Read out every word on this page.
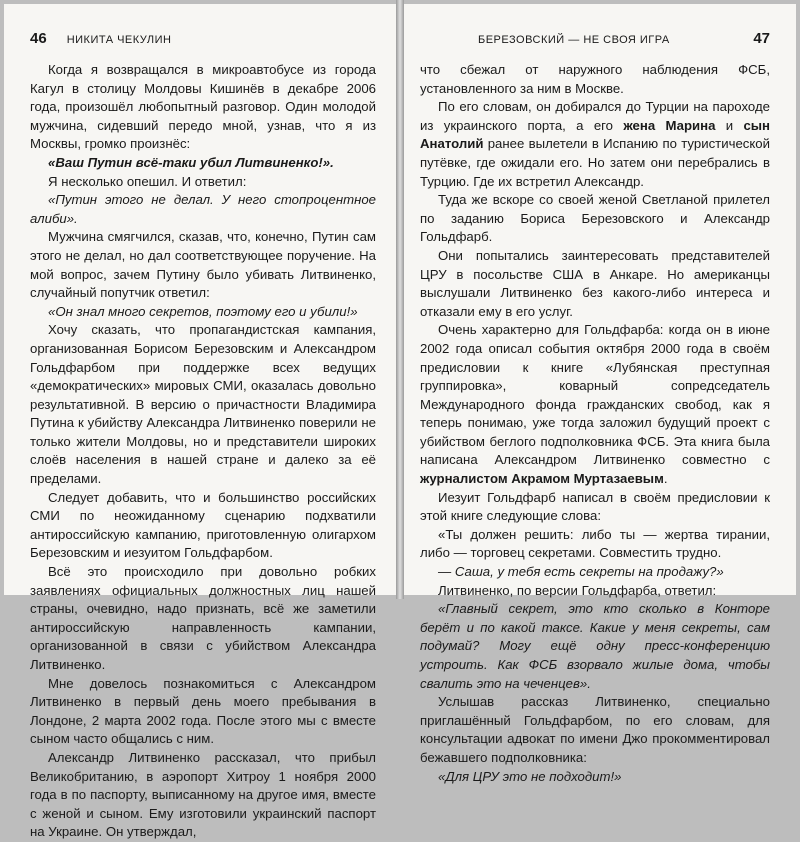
46 НИКИТА ЧЕКУЛИН

Когда я возвращался в микроавтобусе из города Кагул в столицу Молдовы Кишинёв в декабре 2006 года, произошёл любопытный разговор. Один молодой мужчина, сидевший передо мной, узнав, что я из Москвы, громко произнёс:

«Ваш Путин всё-таки убил Литвиненко!».

Я несколько опешил. И ответил:

«Путин этого не делал. У него стопроцентное алиби».

Мужчина смягчился, сказав, что, конечно, Путин сам этого не делал, но дал соответствующее поручение. На мой вопрос, зачем Путину было убивать Литвиненко, случайный попутчик ответил:

«Он знал много секретов, поэтому его и убили!»

Хочу сказать, что пропагандистская кампания, организованная Борисом Березовским и Александром Гольдфарбом при поддержке всех ведущих «демократических» мировых СМИ, оказалась довольно результативной. В версию о причастности Владимира Путина к убийству Александра Литвиненко поверили не только жители Молдовы, но и представители широких слоёв населения в нашей стране и далеко за её пределами.

Следует добавить, что и большинство российских СМИ по неожиданному сценарию подхватили антироссийскую кампанию, приготовленную олигархом Березовским и иезуитом Гольдфарбом.

Всё это происходило при довольно робких заявлениях официальных должностных лиц нашей страны, очевидно, надо признать, всё же заметили антироссийскую направленность кампании, организованной в связи с убийством Александра Литвиненко.

Мне довелось познакомиться с Александром Литвиненко в первый день моего пребывания в Лондоне, 2 марта 2002 года. После этого мы с вместе сыном часто общались с ним.

Александр Литвиненко рассказал, что прибыл Великобританию, в аэропорт Хитроу 1 ноября 2000 года в по паспорту, выписанному на другое имя, вместе с женой и сыном. Ему изготовили украинский паспорт на Украине. Он утверждал,

БЕРЕЗОВСКИЙ — НЕ СВОЯ ИГРА	47

что сбежал от наружного наблюдения ФСБ, установленного за ним в Москве.

По его словам, он добирался до Турции на пароходе из украинского порта, а его жена Марина и сын Анатолий ранее вылетели в Испанию по туристической путёвке, где ожидали его. Но затем они перебрались в Турцию. Где их встретил Александр.

Туда же вскоре со своей женой Светланой прилетел по заданию Бориса Березовского и Александр Гольдфарб.

Они попытались заинтересовать представителей ЦРУ в посольстве США в Анкаре. Но американцы выслушали Литвиненко без какого-либо интереса и отказали ему в его услуг.

Очень характерно для Гольдфарба: когда он в июне 2002 года описал события октября 2000 года в своём предисловии к книге «Лубянская преступная группировка», коварный сопредседатель Международного фонда гражданских свобод, как я теперь понимаю, уже тогда заложил будущий проект с убийством беглого подполковника ФСБ. Эта книга была написана Александром Литвиненко совместно с журналистом Акрамом Муртазаевым.

Иезуит Гольдфарб написал в своём предисловии к этой книге следующие слова:

«Ты должен решить: либо ты — жертва тирании, либо — торговец секретами. Совместить трудно.

— Саша, у тебя есть секреты на продажу?»

Литвиненко, по версии Гольдфарба, ответил:

«Главный секрет, это кто сколько в Конторе берёт и по какой таксе. Какие у меня секреты, сам подумай? Могу ещё одну пресс-конференцию устроить. Как ФСБ взорвало жилые дома, чтобы свалить это на чеченцев».

Услышав рассказ Литвиненко, специально приглашённый Гольдфарбом, по его словам, для консультации адвокат по имени Джо прокомментировал бежавшего подполковника:

«Для ЦРУ это не подходит!»
